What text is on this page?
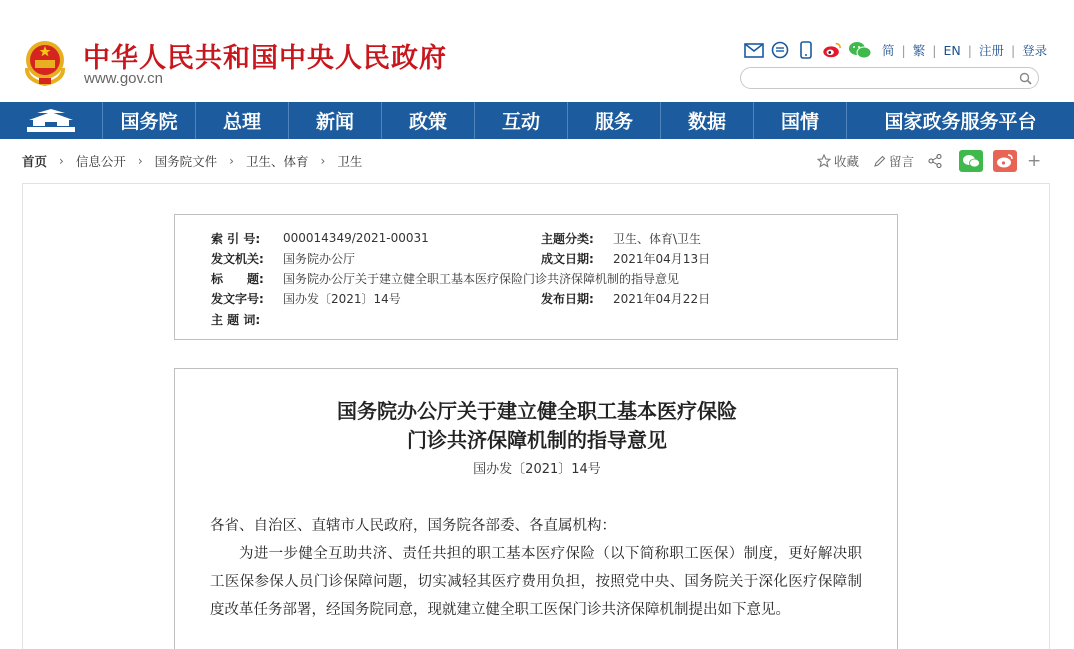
中华人民共和国中央人民政府
www.gov.cn
简 | 繁 | EN | 注册 | 登录
国务院	总理	新闻	政策	互动	服务	数据	国情	国家政务服务平台
首页 › 信息公开 › 国务院文件 › 卫生、体育 › 卫生	收藏 留言	+
索 引 号:	000014349/2021-00031	主题分类:	卫生、体育\卫生
发文机关:	国务院办公厅	成文日期:	2021年04月13日
标　　题:	国务院办公厅关于建立健全职工基本医疗保险门诊共济保障机制的指导意见
发文字号:	国办发〔2021〕14号	发布日期:	2021年04月22日
主 题 词:
国务院办公厅关于建立健全职工基本医疗保险
门诊共济保障机制的指导意见
国办发〔2021〕14号

各省、自治区、直辖市人民政府，国务院各部委、各直属机构：

为进一步健全互助共济、责任共担的职工基本医疗保险（以下简称职工医保）制度，更好解决职工医保参保人员门诊保障问题，切实减轻其医疗费用负担，按照党中央、国务院关于深化医疗保障制度改革任务部署，经国务院同意，现就建立健全职工医保门诊共济保障机制提出如下意见。
